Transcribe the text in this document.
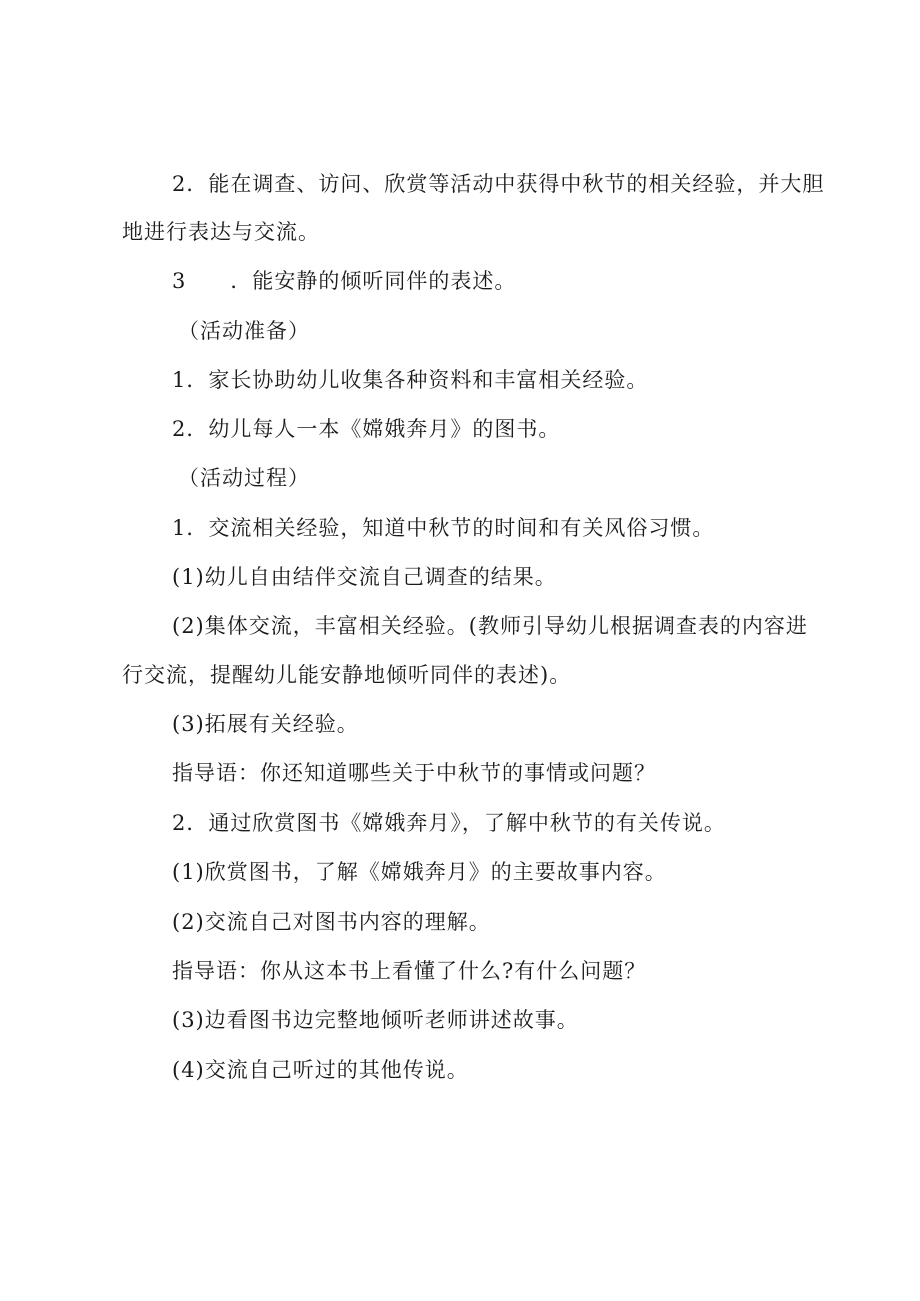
2．能在调查、访问、欣赏等活动中获得中秋节的相关经验，并大胆
地进行表达与交流。
3　　．能安静的倾听同伴的表述。
（活动准备）
1．家长协助幼儿收集各种资料和丰富相关经验。
2．幼儿每人一本《嫦娥奔月》的图书。
（活动过程）
1．交流相关经验，知道中秋节的时间和有关风俗习惯。
(1)幼儿自由结伴交流自己调查的结果。
(2)集体交流，丰富相关经验。(教师引导幼儿根据调查表的内容进
行交流，提醒幼儿能安静地倾听同伴的表述)。
(3)拓展有关经验。
指导语：你还知道哪些关于中秋节的事情或问题？
2．通过欣赏图书《嫦娥奔月》，了解中秋节的有关传说。
(1)欣赏图书，了解《嫦娥奔月》的主要故事内容。
(2)交流自己对图书内容的理解。
指导语：你从这本书上看懂了什么?有什么问题？
(3)边看图书边完整地倾听老师讲述故事。
(4)交流自己听过的其他传说。
